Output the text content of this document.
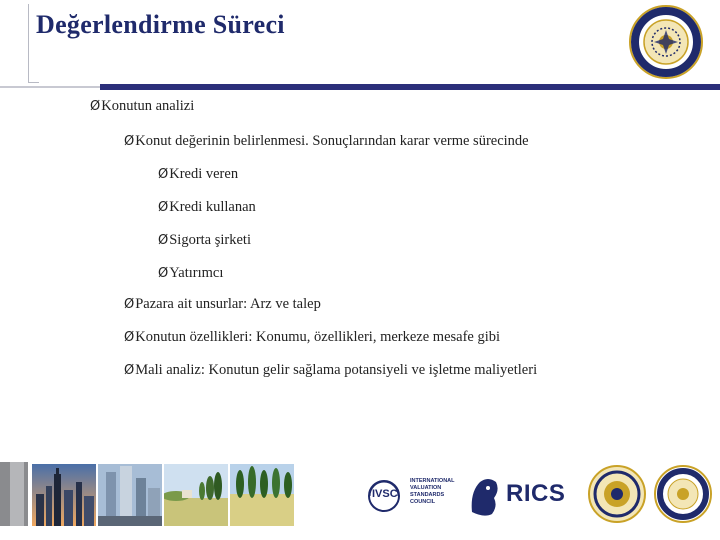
Değerlendirme Süreci
ØKonutun analizi
ØKonut değerinin belirlenmesi. Sonuçlarından karar verme sürecinde
ØKredi veren
ØKredi kullanan
ØSigorta şirketi
ØYatırımcı
ØPazara ait unsurlar: Arz ve talep
ØKonutun özellikleri: Konumu, özellikleri, merkeze mesafe gibi
ØMali analiz: Konutun gelir sağlama potansiyeli ve işletme maliyetleri
IVSC
INTERNATIONAL
VALUATION
STANDARDS
COUNCIL	RICS
